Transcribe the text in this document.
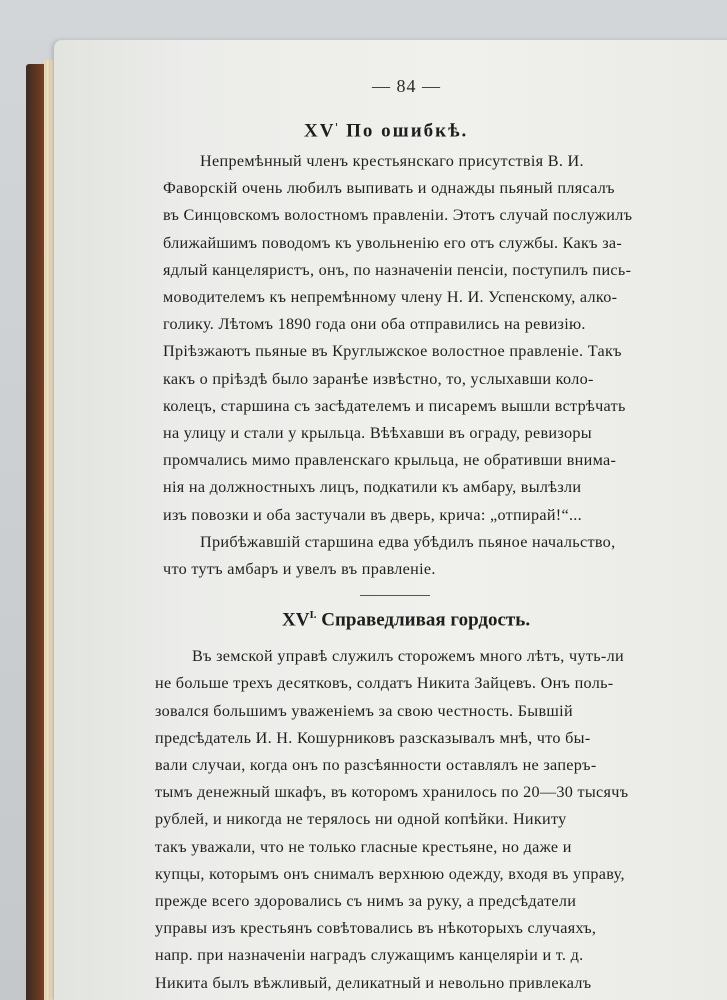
— 84 —
$XV^ᶦ$ По ошибкѣ.
$XV^{I.}$ Справедливая гордость.
Непремѣнный членъ крестьянскаго присутствія В. И.
Фаворскій очень любилъ выпивать и однажды пьяный плясалъ
въ Синцовскомъ волостномъ правленіи. Этотъ случай послужилъ
ближайшимъ поводомъ къ увольненію его отъ службы. Какъ за-
ядлый канцеляристъ, онъ, по назначеніи пенсіи, поступилъ пись-
моводителемъ къ непремѣнному члену Н. И. Успенскому, алко-
голику. Лѣтомъ 1890 года они оба отправились на ревизію.
Пріѣзжаютъ пьяные въ Круглыжское волостное правленіе. Такъ
какъ о пріѣздѣ было заранѣе извѣстно, то, услыхавши коло-
колецъ, старшина съ засѣдателемъ и писаремъ вышли встрѣчать
на улицу и стали у крыльца. Вѣѣхавши въ ограду, ревизоры
промчались мимо правленскаго крыльца, не обративши внима-
нія на должностныхъ лицъ, подкатили къ амбару, вылѣзли
изъ повозки и оба застучали въ дверь, крича: „отпирай!“...
Прибѣжавшій старшина едва убѣдилъ пьяное начальство,
что тутъ амбаръ и увелъ въ правленіе.
Въ земской управѣ служилъ сторожемъ много лѣтъ, чуть-ли
не больше трехъ десятковъ, солдатъ Никита Зайцевъ. Онъ поль-
зовался большимъ уваженіемъ за свою честность. Бывшій
предсѣдатель И. Н. Кошурниковъ разсказывалъ мнѣ, что бы-
вали случаи, когда онъ по разсѣянности оставлялъ не заперъ-
тымъ денежный шкафъ, въ которомъ хранилось по 20—30 тысячъ
рублей, и никогда не терялось ни одной копѣйки. Никиту
такъ уважали, что не только гласные крестьяне, но даже и
купцы, которымъ онъ снималъ верхнюю одежду, входя въ управу,
прежде всего здоровались съ нимъ за руку, а предсѣдатели
управы изъ крестьянъ совѣтовались въ нѣкоторыхъ случаяхъ,
напр. при назначеніи наградъ служащимъ канцеляріи и т. д.
Никита былъ вѣжливый, деликатный и невольно привлекалъ
